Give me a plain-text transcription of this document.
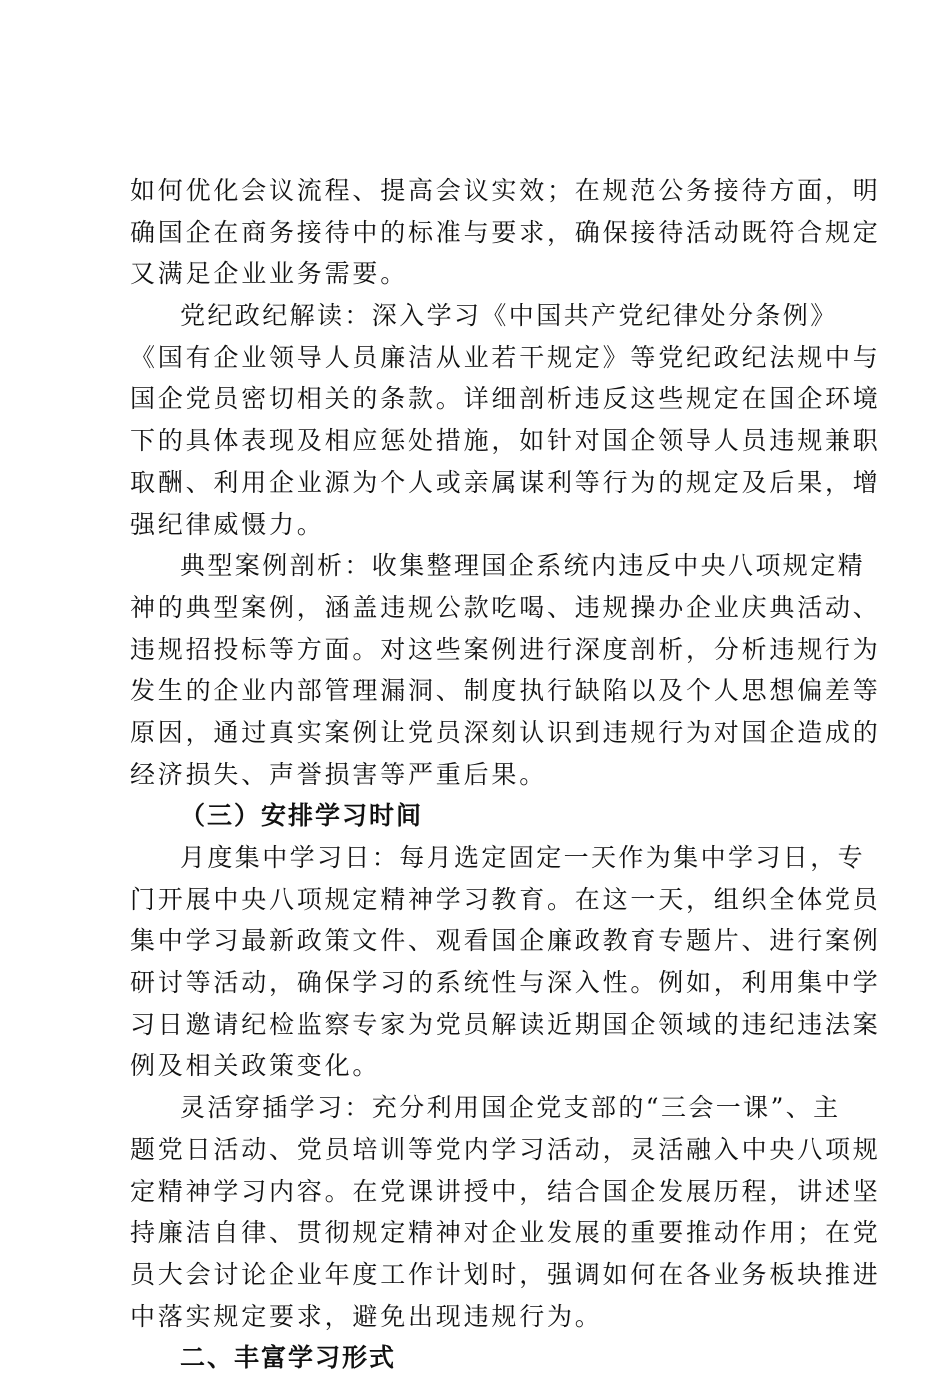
如何优化会议流程、提高会议实效；在规范公务接待方面，明
确国企在商务接待中的标准与要求，确保接待活动既符合规定
又满足企业业务需要。
党纪政纪解读：深入学习《中国共产党纪律处分条例》
《国有企业领导人员廉洁从业若干规定》等党纪政纪法规中与
国企党员密切相关的条款。详细剖析违反这些规定在国企环境
下的具体表现及相应惩处措施，如针对国企领导人员违规兼职
取酬、利用企业源为个人或亲属谋利等行为的规定及后果，增
强纪律威慑力。
典型案例剖析：收集整理国企系统内违反中央八项规定精
神的典型案例，涵盖违规公款吃喝、违规操办企业庆典活动、
违规招投标等方面。对这些案例进行深度剖析，分析违规行为
发生的企业内部管理漏洞、制度执行缺陷以及个人思想偏差等
原因，通过真实案例让党员深刻认识到违规行为对国企造成的
经济损失、声誉损害等严重后果。
（三）安排学习时间
月度集中学习日：每月选定固定一天作为集中学习日，专
门开展中央八项规定精神学习教育。在这一天，组织全体党员
集中学习最新政策文件、观看国企廉政教育专题片、进行案例
研讨等活动，确保学习的系统性与深入性。例如，利用集中学
习日邀请纪检监察专家为党员解读近期国企领域的违纪违法案
例及相关政策变化。
灵活穿插学习：充分利用国企党支部的“三会一课”、主
题党日活动、党员培训等党内学习活动，灵活融入中央八项规
定精神学习内容。在党课讲授中，结合国企发展历程，讲述坚
持廉洁自律、贯彻规定精神对企业发展的重要推动作用；在党
员大会讨论企业年度工作计划时，强调如何在各业务板块推进
中落实规定要求，避免出现违规行为。
二、丰富学习形式
